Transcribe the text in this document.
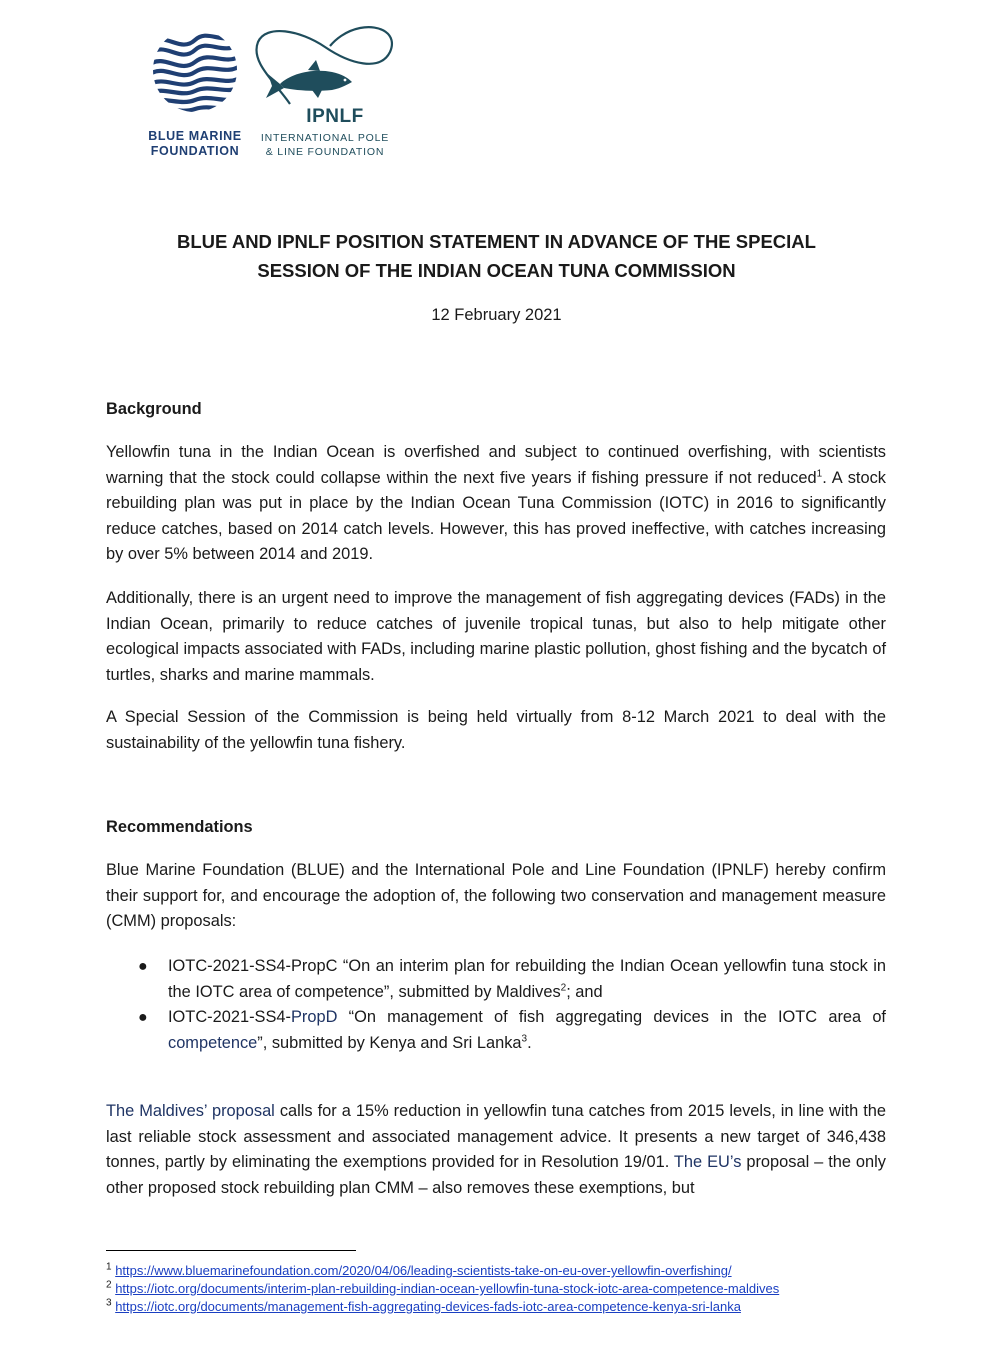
BLUE MARINE
FOUNDATION
IPNLF
INTERNATIONAL POLE
& LINE FOUNDATION
BLUE AND IPNLF POSITION STATEMENT IN ADVANCE OF THE SPECIAL
SESSION OF THE INDIAN OCEAN TUNA COMMISSION
12 February 2021
Background

Yellowfin tuna in the Indian Ocean is overfished and subject to continued overfishing, with scientists warning that the stock could collapse within the next five years if fishing pressure if not reduced$^1$. A stock rebuilding plan was put in place by the Indian Ocean Tuna Commission (IOTC) in 2016 to significantly reduce catches, based on 2014 catch levels. However, this has proved ineffective, with catches increasing by over 5% between 2014 and 2019.

Additionally, there is an urgent need to improve the management of fish aggregating devices (FADs) in the Indian Ocean, primarily to reduce catches of juvenile tropical tunas, but also to help mitigate other ecological impacts associated with FADs, including marine plastic pollution, ghost fishing and the bycatch of turtles, sharks and marine mammals.

A Special Session of the Commission is being held virtually from 8-12 March 2021 to deal with the sustainability of the yellowfin tuna fishery.

Recommendations

Blue Marine Foundation (BLUE) and the International Pole and Line Foundation (IPNLF) hereby confirm their support for, and encourage the adoption of, the following two conservation and management measure (CMM) proposals:

● IOTC-2021-SS4-PropC “On an interim plan for rebuilding the Indian Ocean yellowfin tuna stock in the IOTC area of competence”, submitted by Maldives$^2$; and
● IOTC-2021-SS4-PropD “On management of fish aggregating devices in the IOTC area of competence”, submitted by Kenya and Sri Lanka$^3$.

The Maldives’ proposal calls for a 15% reduction in yellowfin tuna catches from 2015 levels, in line with the last reliable stock assessment and associated management advice. It presents a new target of 346,438 tonnes, partly by eliminating the exemptions provided for in Resolution 19/01. The EU’s proposal – the only other proposed stock rebuilding plan CMM – also removes these exemptions, but

$^1$ https://www.bluemarinefoundation.com/2020/04/06/leading-scientists-take-on-eu-over-yellowfin-overfishing/
$^2$ https://iotc.org/documents/interim-plan-rebuilding-indian-ocean-yellowfin-tuna-stock-iotc-area-competence-maldives
$^3$ https://iotc.org/documents/management-fish-aggregating-devices-fads-iotc-area-competence-kenya-sri-lanka
